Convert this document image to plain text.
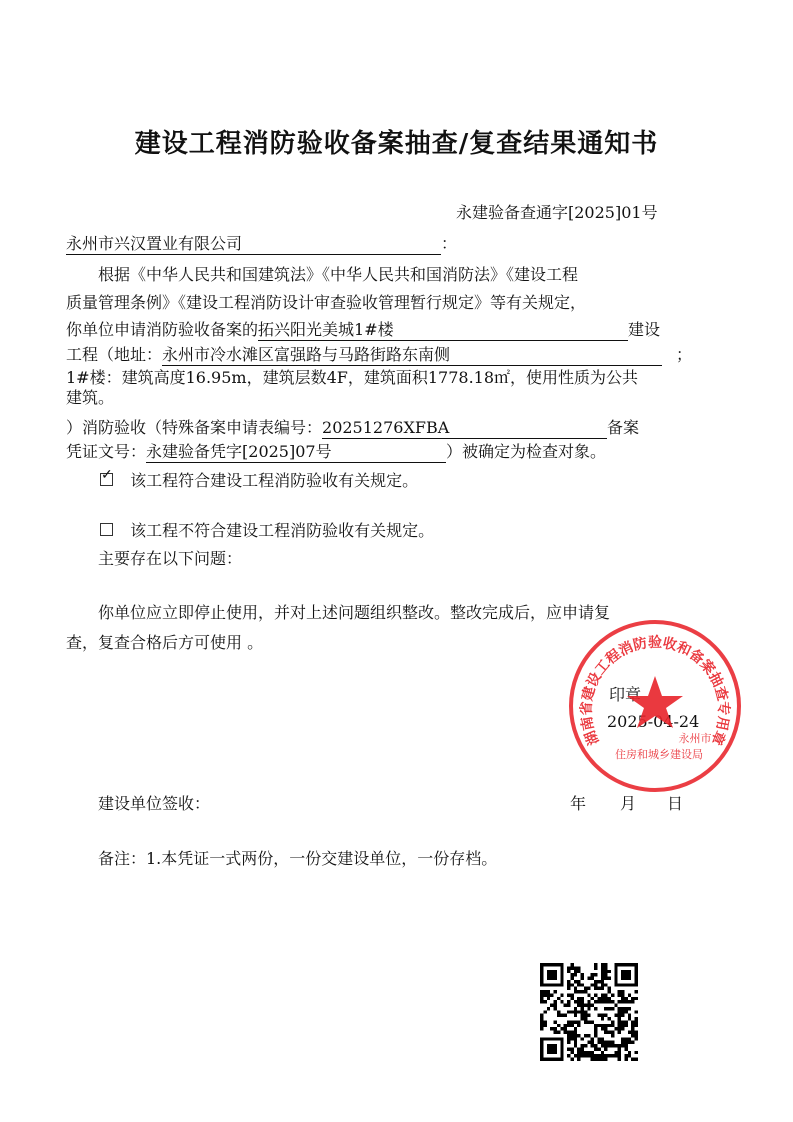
建设工程消防验收备案抽查/复查结果通知书
永建验备查通字[2025]01号
永州市兴汉置业有限公司	：
根据《中华人民共和国建筑法》《中华人民共和国消防法》《建设工程
质量管理条例》《建设工程消防设计审查验收管理暂行规定》等有关规定，
你单位申请消防验收备案的拓兴阳光美城1#楼	建设
工程（地址：永州市冷水滩区富强路与马路街路东南侧	；
1#楼：建筑高度16.95m，建筑层数4F，建筑面积1778.18㎡，使用性质为公共
建筑。
）消防验收（特殊备案申请表编号：20251276XFBA	备案
凭证文号：永建验备凭字[2025]07号	）被确定为检查对象。
✓ 该工程符合建设工程消防验收有关规定。
该工程不符合建设工程消防验收有关规定。
主要存在以下问题：
你单位应立即停止使用，并对上述问题组织整改。整改完成后，应申请复
查，复查合格后方可使用 。
印章
2025-04-24
湖南省建设工程消防验收和备案抽查专用章
永州市
住房和城乡建设局
建设单位签收：	年 月 日
备注：1.本凭证一式两份，一份交建设单位，一份存档。
